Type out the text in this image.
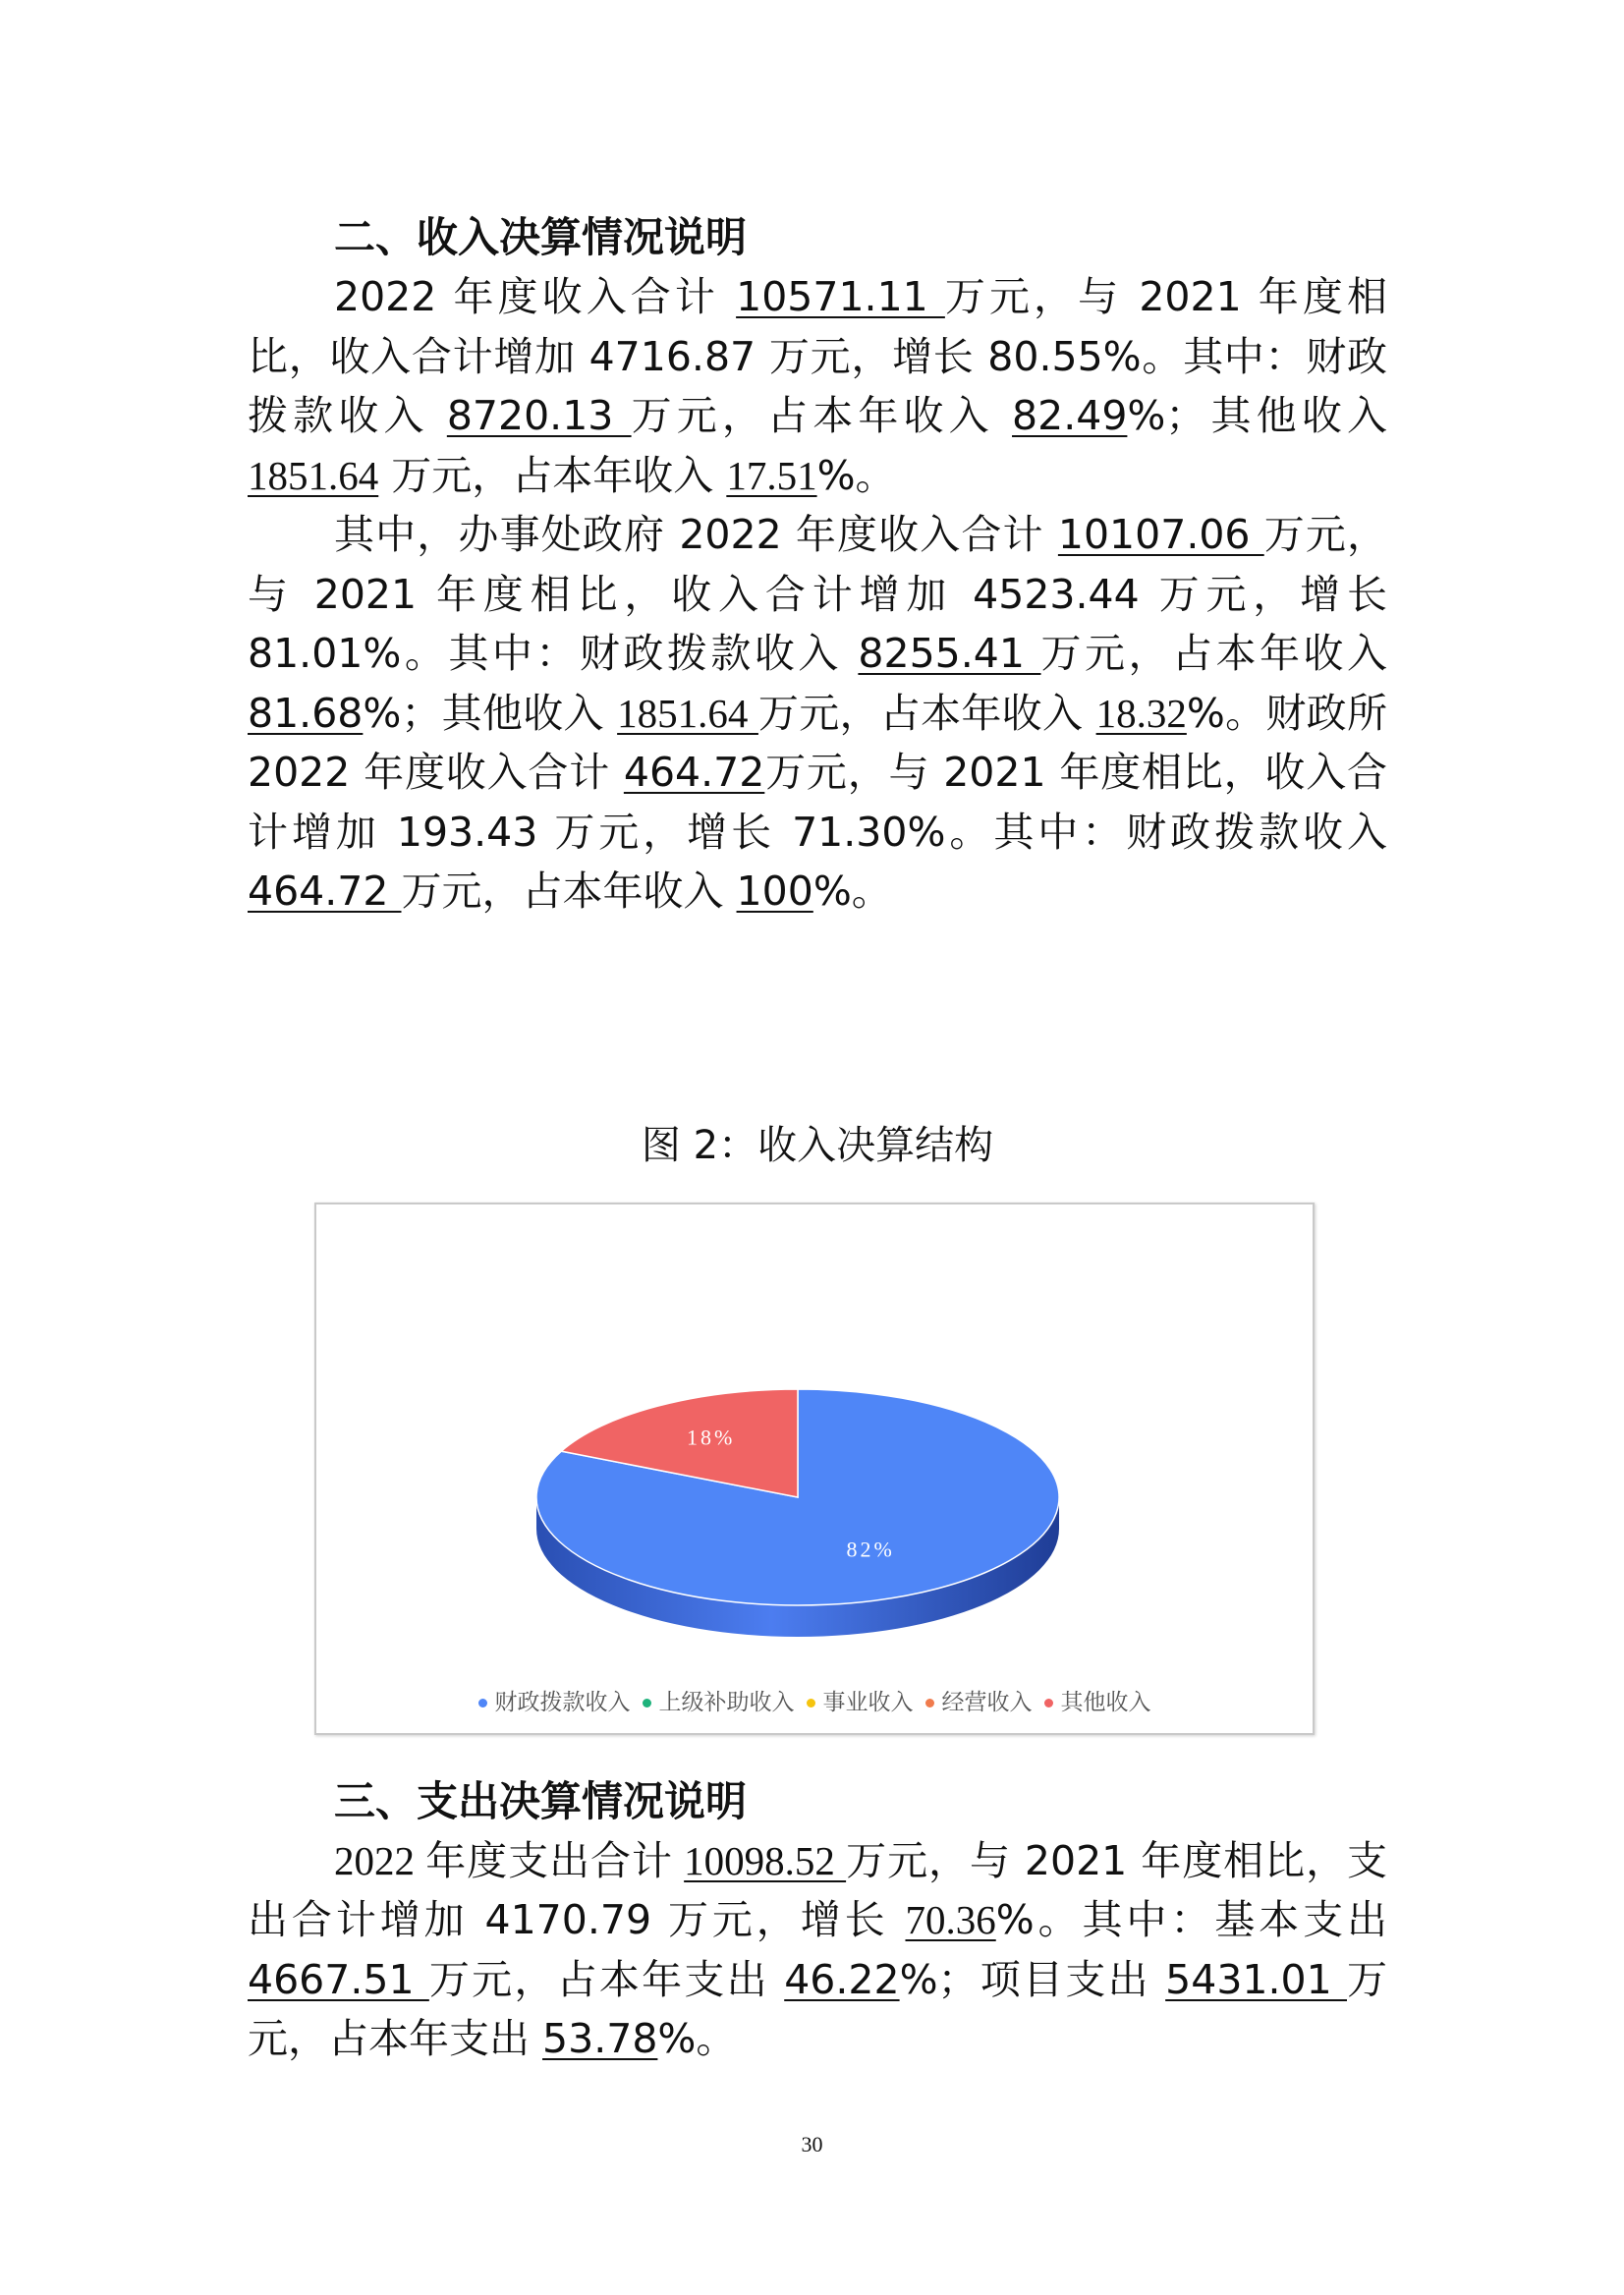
二、收入决算情况说明

2022 年度收入合计 10571.11 万元，与 2021 年度相比，收入合计增加 4716.87 万元，增长 80.55%。其中：财政拨款收入 8720.13 万元，占本年收入 82.49%；其他收入 1851.64 万元，占本年收入 17.51%。

其中，办事处政府 2022 年度收入合计 10107.06 万元，与 2021 年度相比，收入合计增加 4523.44 万元，增长 81.01%。其中：财政拨款收入 8255.41 万元，占本年收入 81.68%；其他收入 1851.64 万元，占本年收入 18.32%。财政所 2022 年度收入合计 464.72万元，与 2021 年度相比，收入合计增加 193.43 万元，增长 71.30%。其中：财政拨款收入 464.72 万元，占本年收入 100%。

图 2：收入决算结构
82%
18%
财政拨款收入 上级补助收入 事业收入 经营收入 其他收入
三、支出决算情况说明

2022 年度支出合计 10098.52 万元，与 2021 年度相比，支出合计增加 4170.79 万元，增长 70.36%。其中：基本支出 4667.51 万元，占本年支出 46.22%；项目支出 5431.01 万元，占本年支出 53.78%。

30
